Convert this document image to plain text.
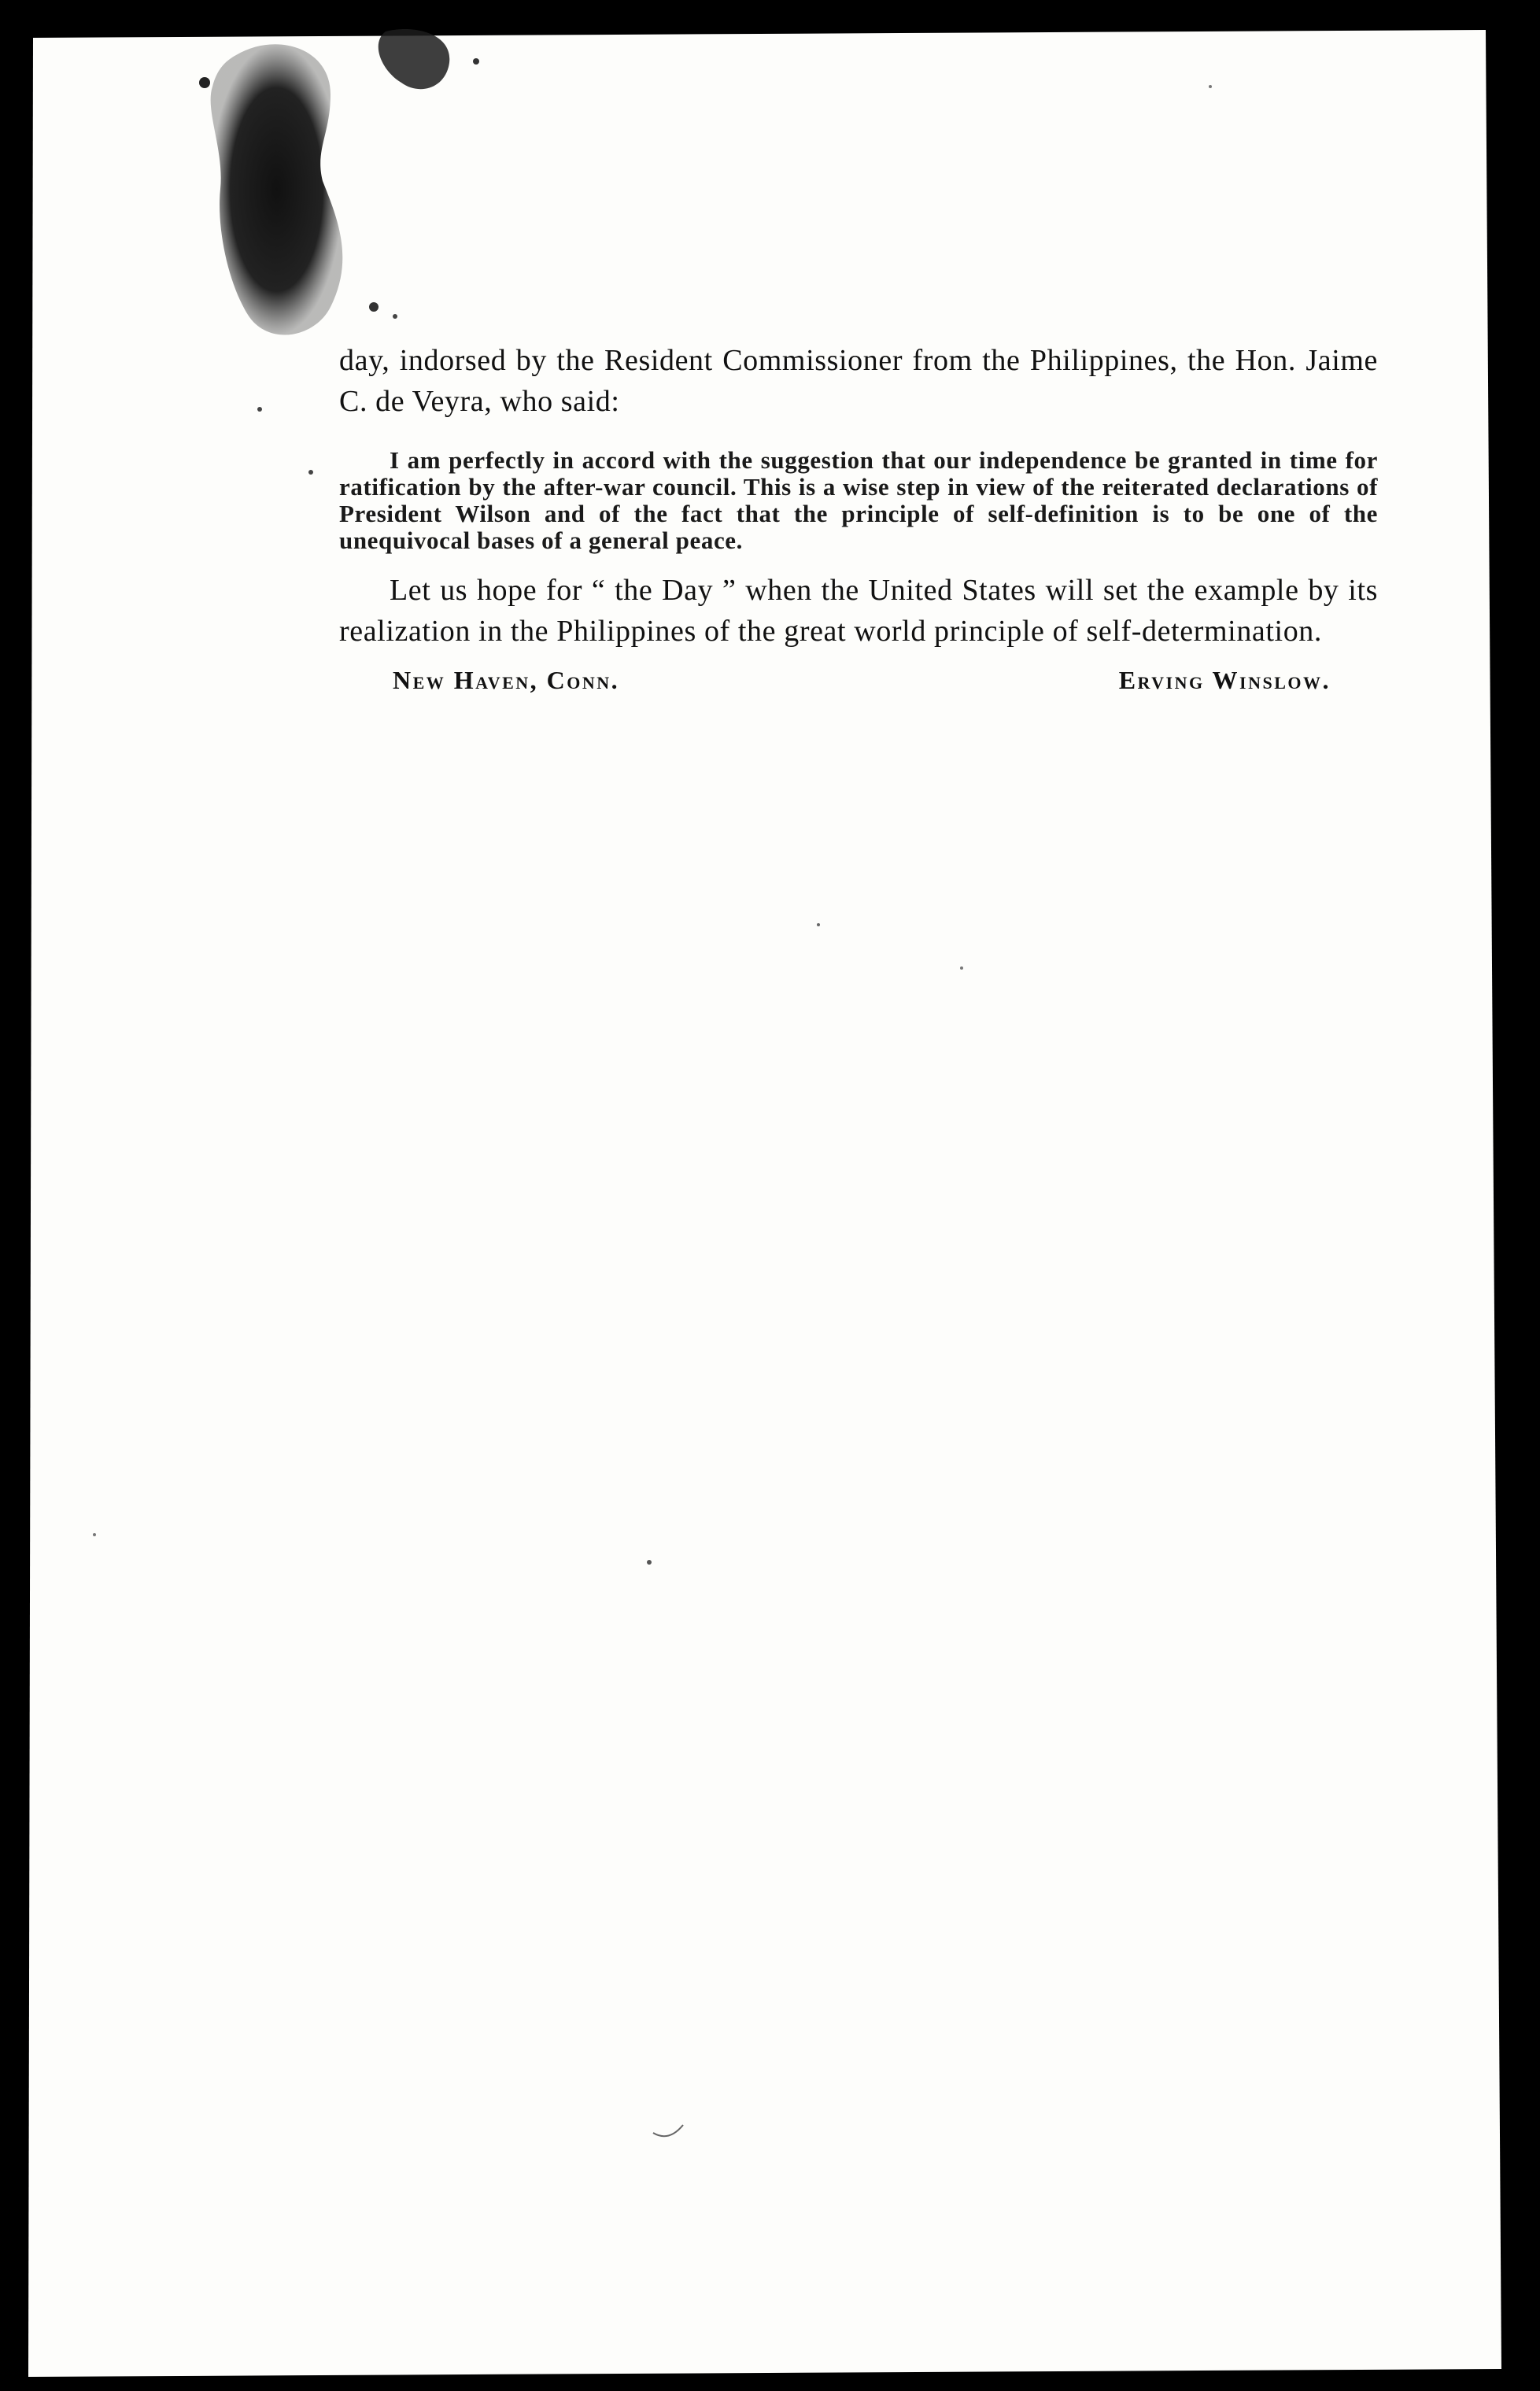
day, indorsed by the Resident Commissioner from the Philippines, the Hon. Jaime C. de Veyra, who said:

I am perfectly in accord with the suggestion that our independence be granted in time for ratification by the after-war council. This is a wise step in view of the reiterated declarations of President Wilson and of the fact that the principle of self-definition is to be one of the unequivocal bases of a general peace.

Let us hope for “ the Day ” when the United States will set the example by its realization in the Philippines of the great world principle of self-determination.

New Haven, Conn.	Erving Winslow.
